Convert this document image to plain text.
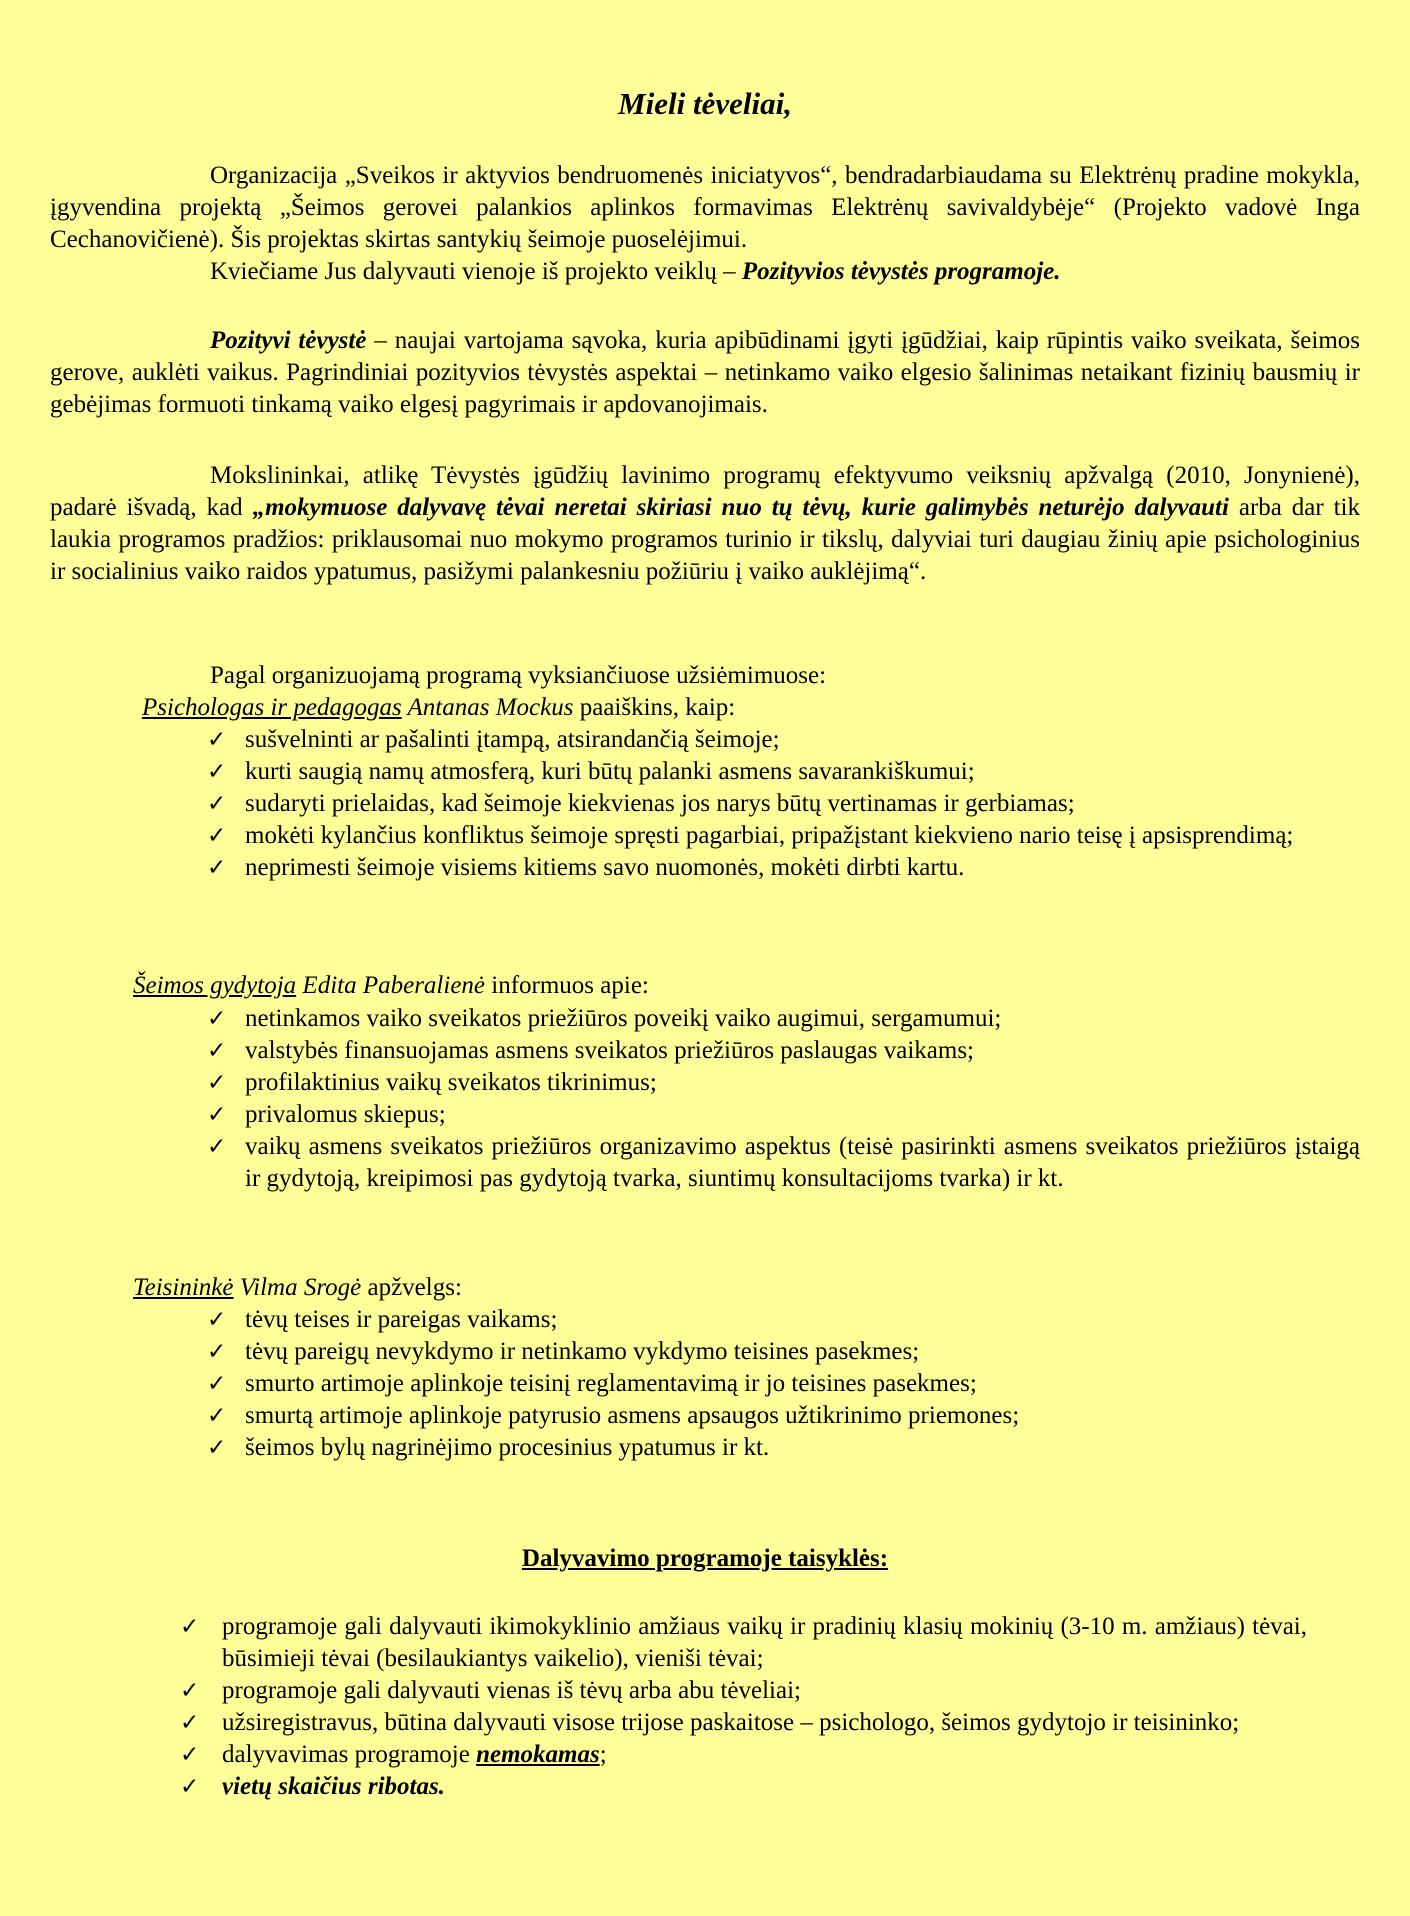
Mieli tėveliai,
Organizacija „Sveikos ir aktyvios bendruomenės iniciatyvos“, bendradarbiaudama su Elektrėnų pradine mokykla, įgyvendina projektą „Šeimos gerovei palankios aplinkos formavimas Elektrėnų savivaldybėje“ (Projekto vadovė Inga Cechanovičienė). Šis projektas skirtas santykių šeimoje puoselėjimui.
Kviečiame Jus dalyvauti vienoje iš projekto veiklų – Pozityvios tėvystės programoje.
Pozityvi tėvystė – naujai vartojama sąvoka, kuria apibūdinami įgyti įgūdžiai, kaip rūpintis vaiko sveikata, šeimos gerove, auklėti vaikus. Pagrindiniai pozityvios tėvystės aspektai – netinkamo vaiko elgesio šalinimas netaikant fizinių bausmių ir gebėjimas formuoti tinkamą vaiko elgesį pagyrimais ir apdovanojimais.
Mokslininkai, atlikę Tėvystės įgūdžių lavinimo programų efektyvumo veiksnių apžvalgą (2010, Jonynienė), padarė išvadą, kad „mokymuose dalyvavę tėvai neretai skiriasi nuo tų tėvų, kurie galimybės neturėjo dalyvauti arba dar tik laukia programos pradžios: priklausomai nuo mokymo programos turinio ir tikslų, dalyviai turi daugiau žinių apie psichologinius ir socialinius vaiko raidos ypatumus, pasižymi palankesniu požiūriu į vaiko auklėjimą“.
Pagal organizuojamą programą vyksiančiuose užsiėmimuose:
Psichologas ir pedagogas Antanas Mockus paaiškins, kaip:
✓ sušvelninti ar pašalinti įtampą, atsirandančią šeimoje;
✓ kurti saugią namų atmosferą, kuri būtų palanki asmens savarankiškumui;
✓ sudaryti prielaidas, kad šeimoje kiekvienas jos narys būtų vertinamas ir gerbiamas;
✓ mokėti kylančius konfliktus šeimoje spręsti pagarbiai, pripažįstant kiekvieno nario teisę į apsisprendimą;
✓ neprimesti šeimoje visiems kitiems savo nuomonės, mokėti dirbti kartu.
Šeimos gydytoja Edita Paberalienė informuos apie:
✓ netinkamos vaiko sveikatos priežiūros poveikį vaiko augimui, sergamumui;
✓ valstybės finansuojamas asmens sveikatos priežiūros paslaugas vaikams;
✓ profilaktinius vaikų sveikatos tikrinimus;
✓ privalomus skiepus;
✓ vaikų asmens sveikatos priežiūros organizavimo aspektus (teisė pasirinkti asmens sveikatos priežiūros įstaigą ir gydytoją, kreipimosi pas gydytoją tvarka, siuntimų konsultacijoms tvarka) ir kt.
Teisininkė Vilma Srogė apžvelgs:
✓ tėvų teises ir pareigas vaikams;
✓ tėvų pareigų nevykdymo ir netinkamo vykdymo teisines pasekmes;
✓ smurto artimoje aplinkoje teisinį reglamentavimą ir jo teisines pasekmes;
✓ smurtą artimoje aplinkoje patyrusio asmens apsaugos užtikrinimo priemones;
✓ šeimos bylų nagrinėjimo procesinius ypatumus ir kt.
Dalyvavimo programoje taisyklės:
✓ programoje gali dalyvauti ikimokyklinio amžiaus vaikų ir pradinių klasių mokinių (3-10 m. amžiaus) tėvai, būsimieji tėvai (besilaukiantys vaikelio), vieniši tėvai;
✓ programoje gali dalyvauti vienas iš tėvų arba abu tėveliai;
✓ užsiregistravus, būtina dalyvauti visose trijose paskaitose – psichologo, šeimos gydytojo ir teisininko;
✓ dalyvavimas programoje nemokamas;
✓ vietų skaičius ribotas.
